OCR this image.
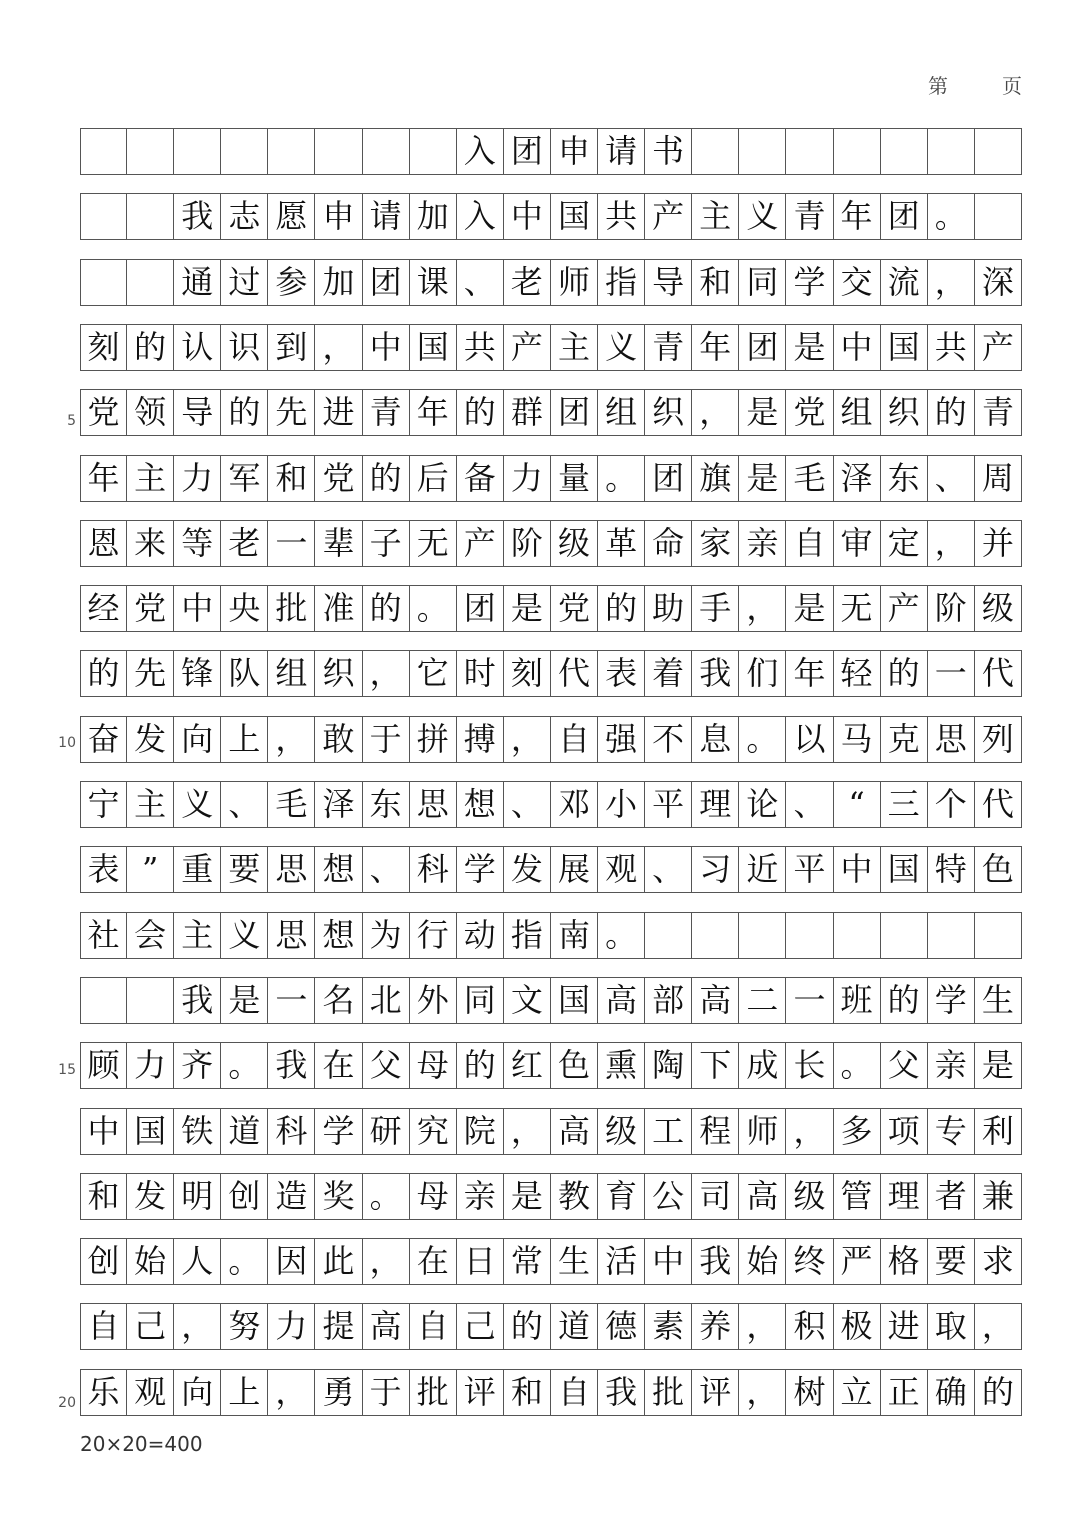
第	页
入 团 申 请 书
我 志 愿 申 请 加 入 中 国 共 产 主 义 青 年 团 。
通 过 参 加 团 课 、 老 师 指 导 和 同 学 交 流 ， 深
刻 的 认 识 到 ， 中 国 共 产 主 义 青 年 团 是 中 国 共 产
党 领 导 的 先 进 青 年 的 群 团 组 织 ， 是 党 组 织 的 青
年 主 力 军 和 党 的 后 备 力 量 。 团 旗 是 毛 泽 东 、 周
恩 来 等 老 一 辈 子 无 产 阶 级 革 命 家 亲 自 审 定 ， 并
经 党 中 央 批 准 的 。 团 是 党 的 助 手 ， 是 无 产 阶 级
的 先 锋 队 组 织 ， 它 时 刻 代 表 着 我 们 年 轻 的 一 代
奋 发 向 上 ， 敢 于 拼 搏 ， 自 强 不 息 。 以 马 克 思 列
宁 主 义 、 毛 泽 东 思 想 、 邓 小 平 理 论 、 “ 三 个 代
表 ” 重 要 思 想 、 科 学 发 展 观 、 习 近 平 中 国 特 色
社 会 主 义 思 想 为 行 动 指 南 。
我 是 一 名 北 外 同 文 国 高 部 高 二 一 班 的 学 生
顾 力 齐 。 我 在 父 母 的 红 色 熏 陶 下 成 长 。 父 亲 是
中 国 铁 道 科 学 研 究 院 ， 高 级 工 程 师 ， 多 项 专 利
和 发 明 创 造 奖 。 母 亲 是 教 育 公 司 高 级 管 理 者 兼
创 始 人 。 因 此 ， 在 日 常 生 活 中 我 始 终 严 格 要 求
自 己 ， 努 力 提 高 自 己 的 道 德 素 养 ， 积 极 进 取 ，
乐 观 向 上 ， 勇 于 批 评 和 自 我 批 评 ， 树 立 正 确 的
5
10
15
20
20×20=400
